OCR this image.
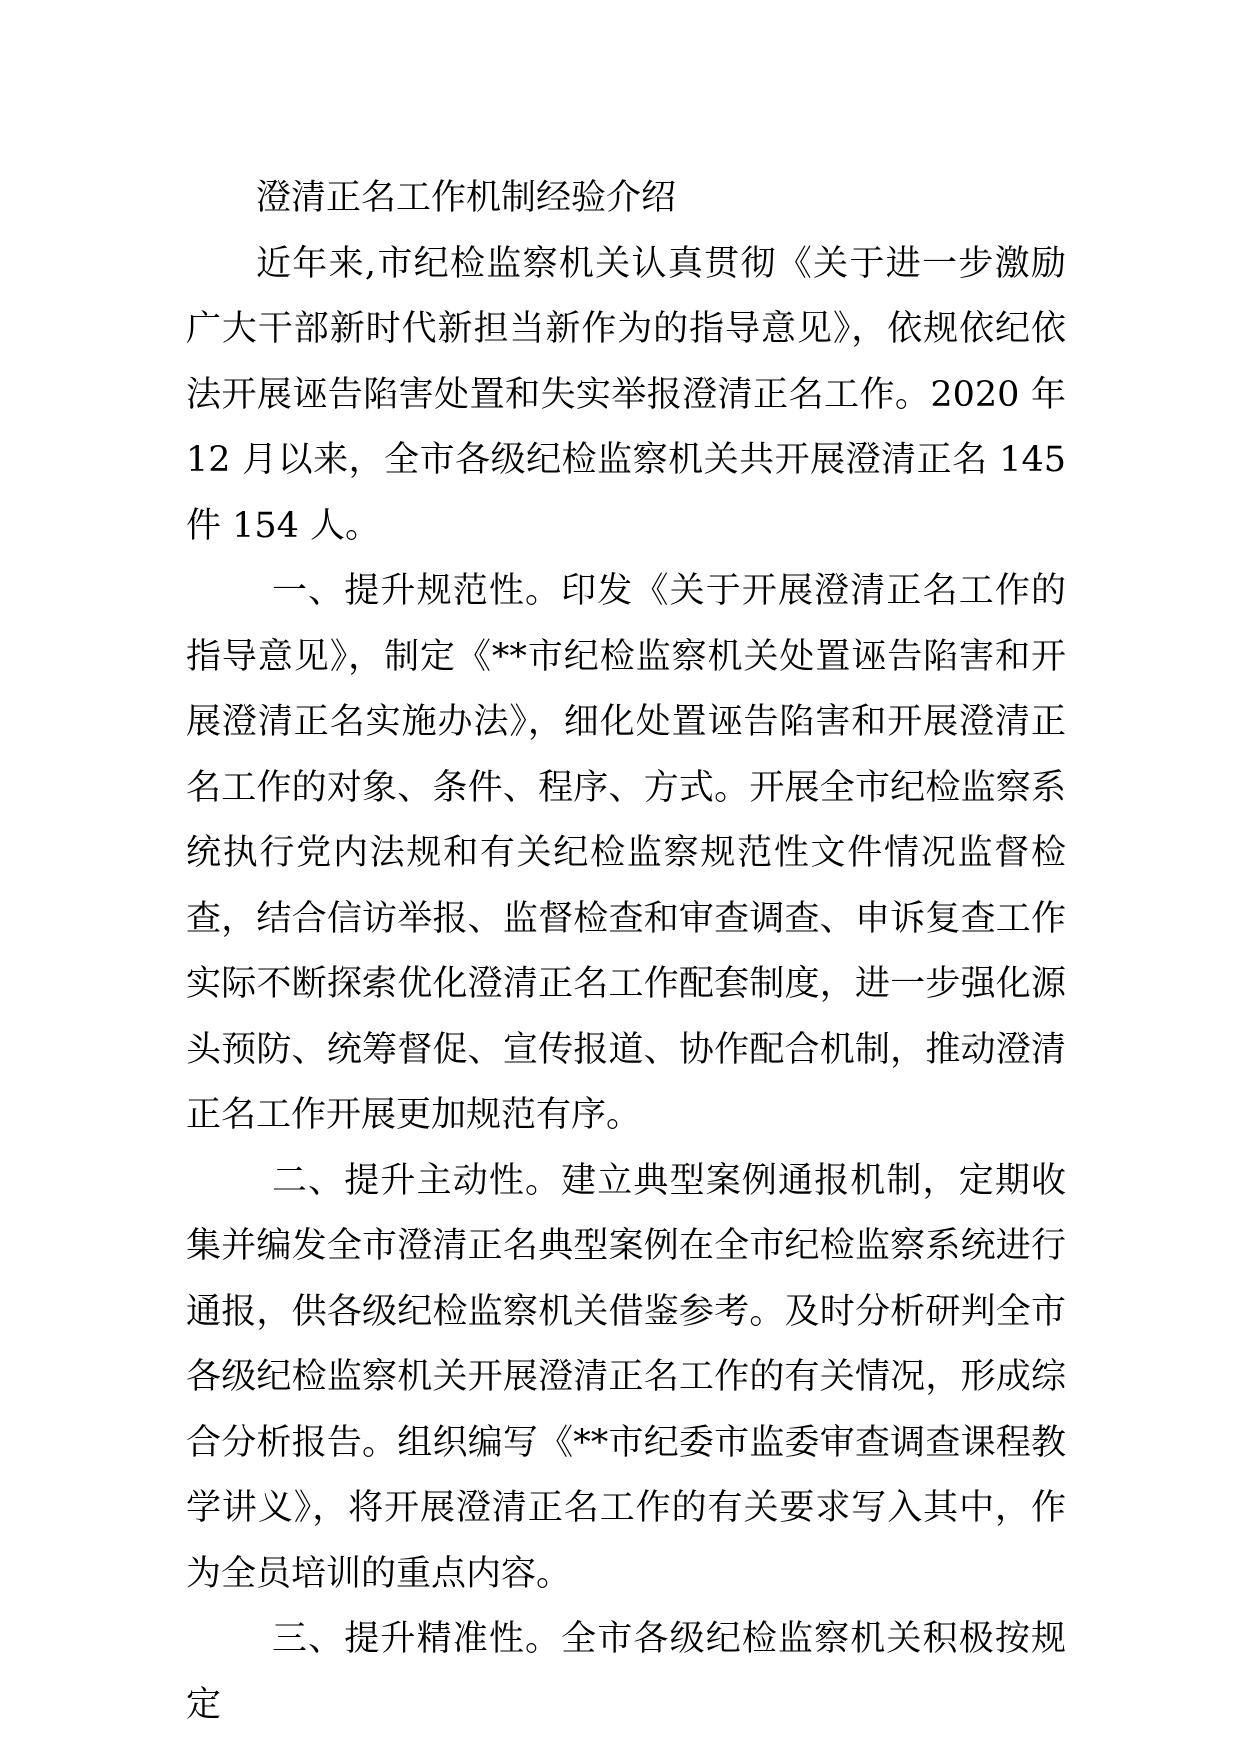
澄清正名工作机制经验介绍

近年来,市纪检监察机关认真贯彻《关于进一步激励广大干部新时代新担当新作为的指导意见》，依规依纪依法开展诬告陷害处置和失实举报澄清正名工作。2020 年 12 月以来，全市各级纪检监察机关共开展澄清正名 145 件 154 人。

一、提升规范性。印发《关于开展澄清正名工作的指导意见》，制定《**市纪检监察机关处置诬告陷害和开展澄清正名实施办法》，细化处置诬告陷害和开展澄清正名工作的对象、条件、程序、方式。开展全市纪检监察系统执行党内法规和有关纪检监察规范性文件情况监督检查，结合信访举报、监督检查和审查调查、申诉复查工作实际不断探索优化澄清正名工作配套制度，进一步强化源头预防、统筹督促、宣传报道、协作配合机制，推动澄清正名工作开展更加规范有序。

二、提升主动性。建立典型案例通报机制，定期收集并编发全市澄清正名典型案例在全市纪检监察系统进行通报，供各级纪检监察机关借鉴参考。及时分析研判全市各级纪检监察机关开展澄清正名工作的有关情况，形成综合分析报告。组织编写《**市纪委市监委审查调查课程教学讲义》，将开展澄清正名工作的有关要求写入其中，作为全员培训的重点内容。

三、提升精准性。全市各级纪检监察机关积极按规定
